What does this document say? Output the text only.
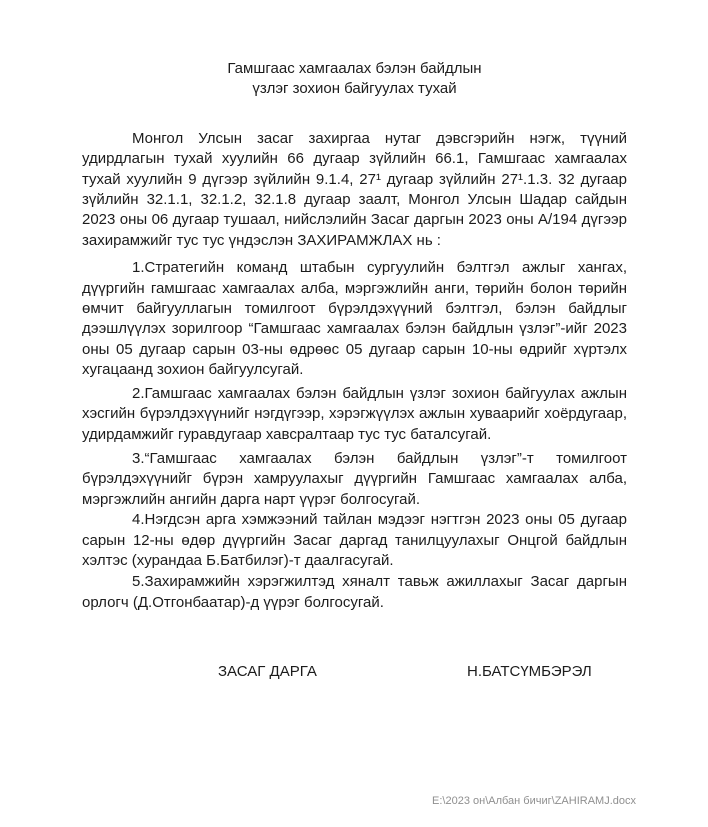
Гамшгаас хамгаалах бэлэн байдлын
үзлэг зохион байгуулах тухай

Монгол Улсын засаг захиргаа нутаг дэвсгэрийн нэгж, түүний удирдлагын тухай хуулийн 66 дугаар зүйлийн 66.1, Гамшгаас хамгаалах тухай хуулийн 9 дүгээр зүйлийн 9.1.4, 27¹ дугаар зүйлийн 27¹.1.3. 32 дугаар зүйлийн 32.1.1, 32.1.2, 32.1.8 дугаар заалт, Монгол Улсын Шадар сайдын 2023 оны 06 дугаар тушаал, нийслэлийн Засаг даргын 2023 оны А/194 дүгээр захирамжийг тус тус үндэслэн ЗАХИРАМЖЛАХ нь :

1.Стратегийн команд штабын сургуулийн бэлтгэл ажлыг хангах, дүүргийн гамшгаас хамгаалах алба, мэргэжлийн анги, төрийн болон төрийн өмчит байгууллагын томилгоот бүрэлдэхүүний бэлтгэл, бэлэн байдлыг дээшлүүлэх зорилгоор “Гамшгаас хамгаалах бэлэн байдлын үзлэг”-ийг 2023 оны 05 дугаар сарын 03-ны өдрөөс 05 дугаар сарын 10-ны өдрийг хүртэлх хугацаанд зохион байгуулсугай.

2.Гамшгаас хамгаалах бэлэн байдлын үзлэг зохион байгуулах ажлын хэсгийн бүрэлдэхүүнийг нэгдүгээр, хэрэгжүүлэх ажлын хуваарийг хоёрдугаар, удирдамжийг гуравдугаар хавсралтаар тус тус баталсугай.

3.“Гамшгаас хамгаалах бэлэн байдлын үзлэг”-т томилгоот бүрэлдэхүүнийг бүрэн хамруулахыг дүүргийн Гамшгаас хамгаалах алба, мэргэжлийн ангийн дарга нарт үүрэг болгосугай.

4.Нэгдсэн арга хэмжээний тайлан мэдээг нэгтгэн 2023 оны 05 дугаар сарын 12-ны өдөр дүүргийн Засаг даргад танилцуулахыг Онцгой байдлын хэлтэс (хурандаа Б.Батбилэг)-т даалгасугай.

5.Захирамжийн хэрэгжилтэд хяналт тавьж ажиллахыг Засаг даргын орлогч (Д.Отгонбаатар)-д үүрэг болгосугай.

ЗАСАГ ДАРГА	Н.БАТСҮМБЭРЭЛ
E:\2023 он\Албан бичиг\ZAHIRAMJ.docx
